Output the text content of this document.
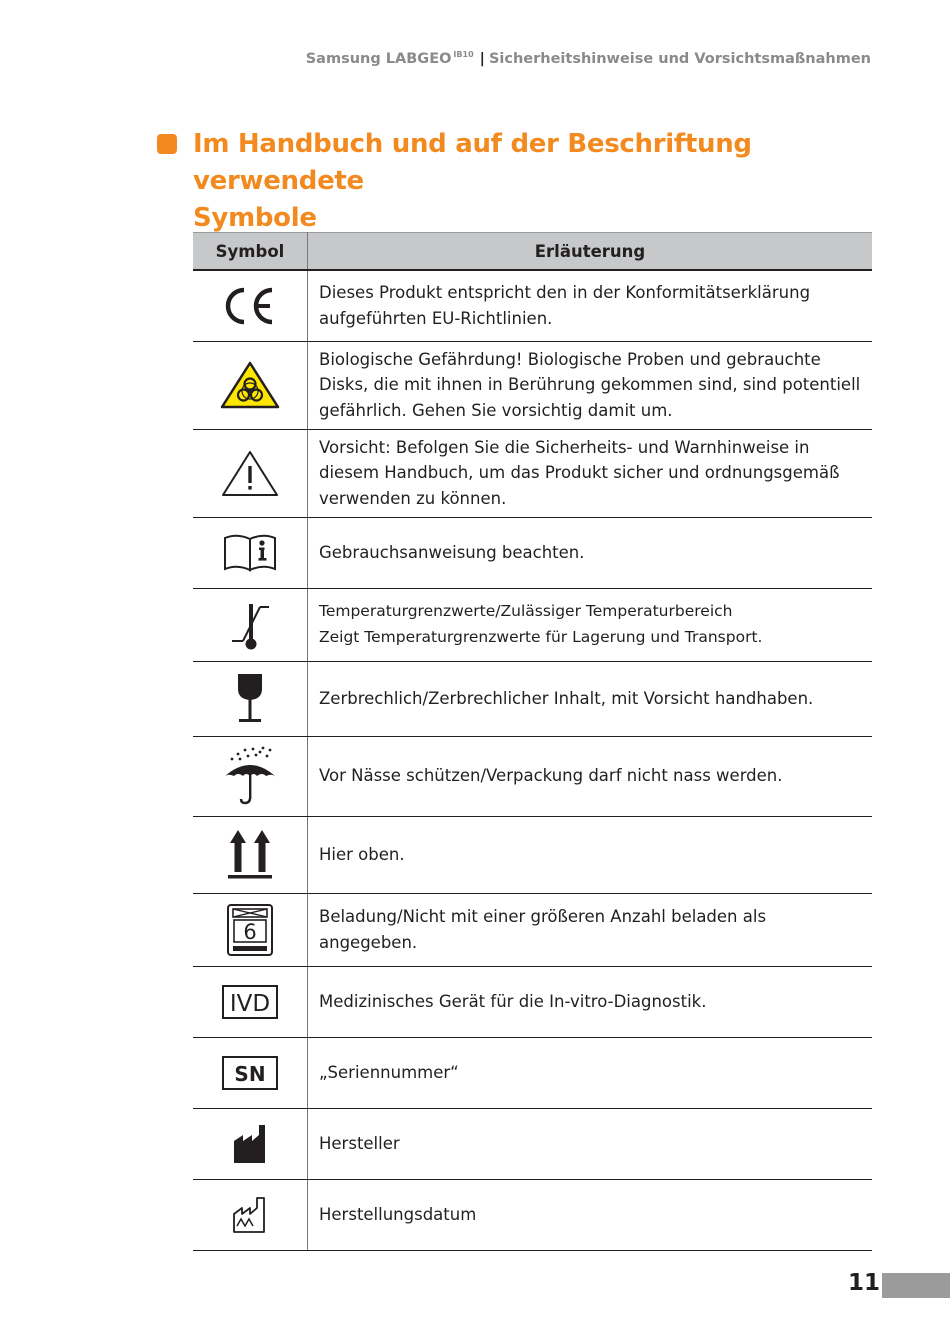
Samsung LABGEO $^{IB10}$ | Sicherheitshinweise und Vorsichtsmaßnahmen
Im Handbuch und auf der Beschriftung verwendete
Symbole
Symbol	Erläuterung

	Dieses Produkt entspricht den in der Konformitätserklärung aufgeführten EU-Richtlinien.

	Biologische Gefährdung! Biologische Proben und gebrauchte Disks, die mit ihnen in Berührung gekommen sind, sind potentiell gefährlich. Gehen Sie vorsichtig damit um.

	Vorsicht: Befolgen Sie die Sicherheits- und Warnhinweise in diesem Handbuch, um das Produkt sicher und ordnungsgemäß verwenden zu können.

	Gebrauchsanweisung beachten.

	Temperaturgrenzwerte/Zulässiger Temperaturbereich
Zeigt Temperaturgrenzwerte für Lagerung und Transport.

	Zerbrechlich/Zerbrechlicher Inhalt, mit Vorsicht handhaben.

	Vor Nässe schützen/Verpackung darf nicht nass werden.

	Hier oben.

6	Beladung/Nicht mit einer größeren Anzahl beladen als angegeben.

IVD	Medizinisches Gerät für die In-vitro-Diagnostik.

SN	„Seriennummer“

	Hersteller

	Herstellungsdatum
11
